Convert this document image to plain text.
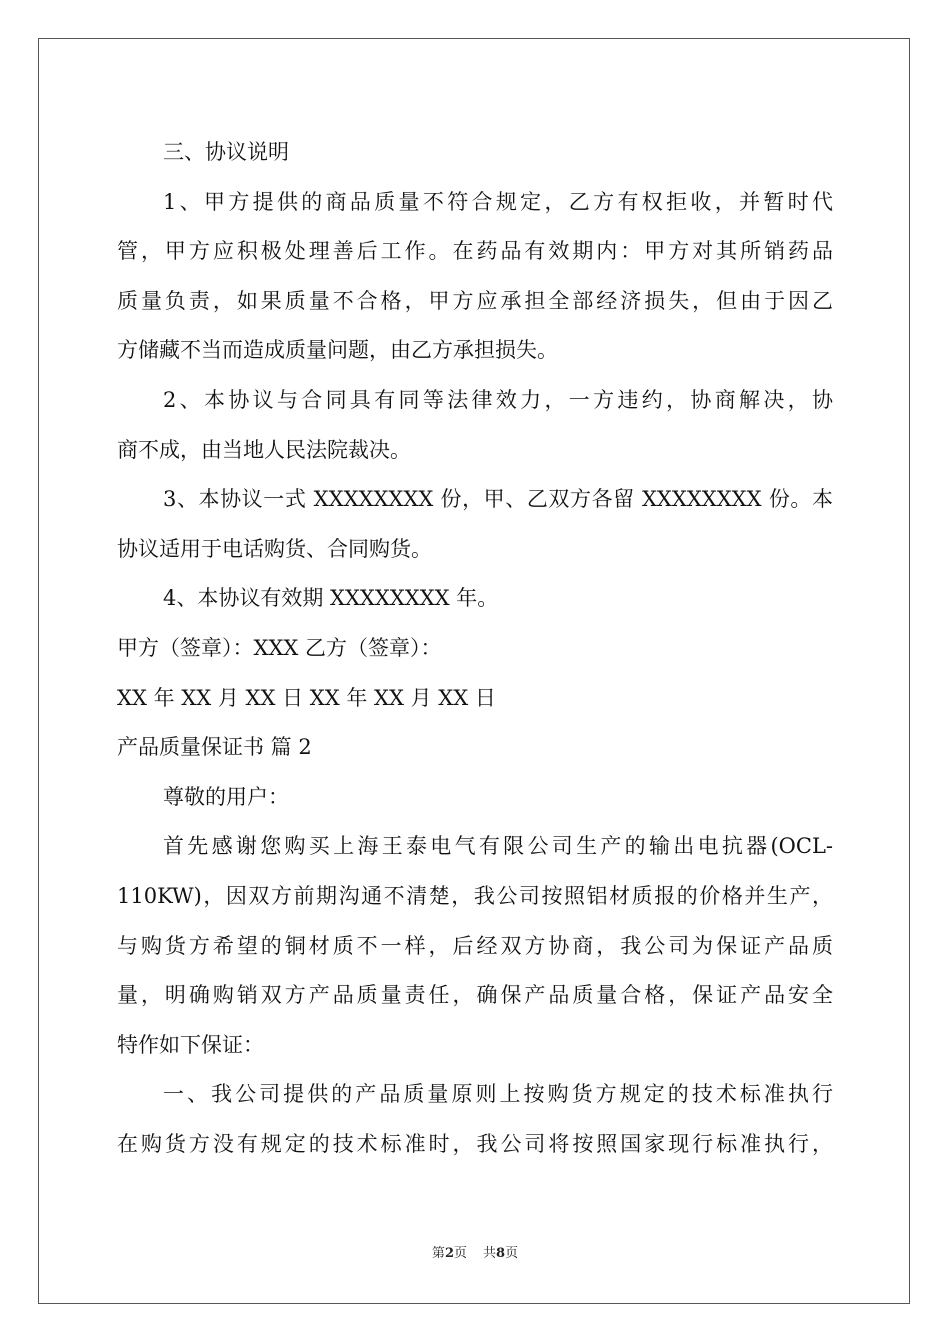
三、协议说明
1、甲方提供的商品质量不符合规定，乙方有权拒收，并暂时代
管，甲方应积极处理善后工作。在药品有效期内：甲方对其所销药品
质量负责，如果质量不合格，甲方应承担全部经济损失，但由于因乙
方储藏不当而造成质量问题，由乙方承担损失。
2、本协议与合同具有同等法律效力，一方违约，协商解决，协
商不成，由当地人民法院裁决。
3、本协议一式 XXXXXXXX 份，甲、乙双方各留 XXXXXXXX 份。本
协议适用于电话购货、合同购货。
4、本协议有效期 XXXXXXXX 年。
甲方（签章）：XXX 乙方（签章）：
XX 年 XX 月 XX 日 XX 年 XX 月 XX 日
产品质量保证书 篇 2
尊敬的用户：
首先感谢您购买上海王泰电气有限公司生产的输出电抗器(OCL-
110KW)，因双方前期沟通不清楚，我公司按照铝材质报的价格并生产，
与购货方希望的铜材质不一样，后经双方协商，我公司为保证产品质
量，明确购销双方产品质量责任，确保产品质量合格，保证产品安全
特作如下保证：
一、我公司提供的产品质量原则上按购货方规定的技术标准执行
在购货方没有规定的技术标准时，我公司将按照国家现行标准执行，
第2页 共8页
